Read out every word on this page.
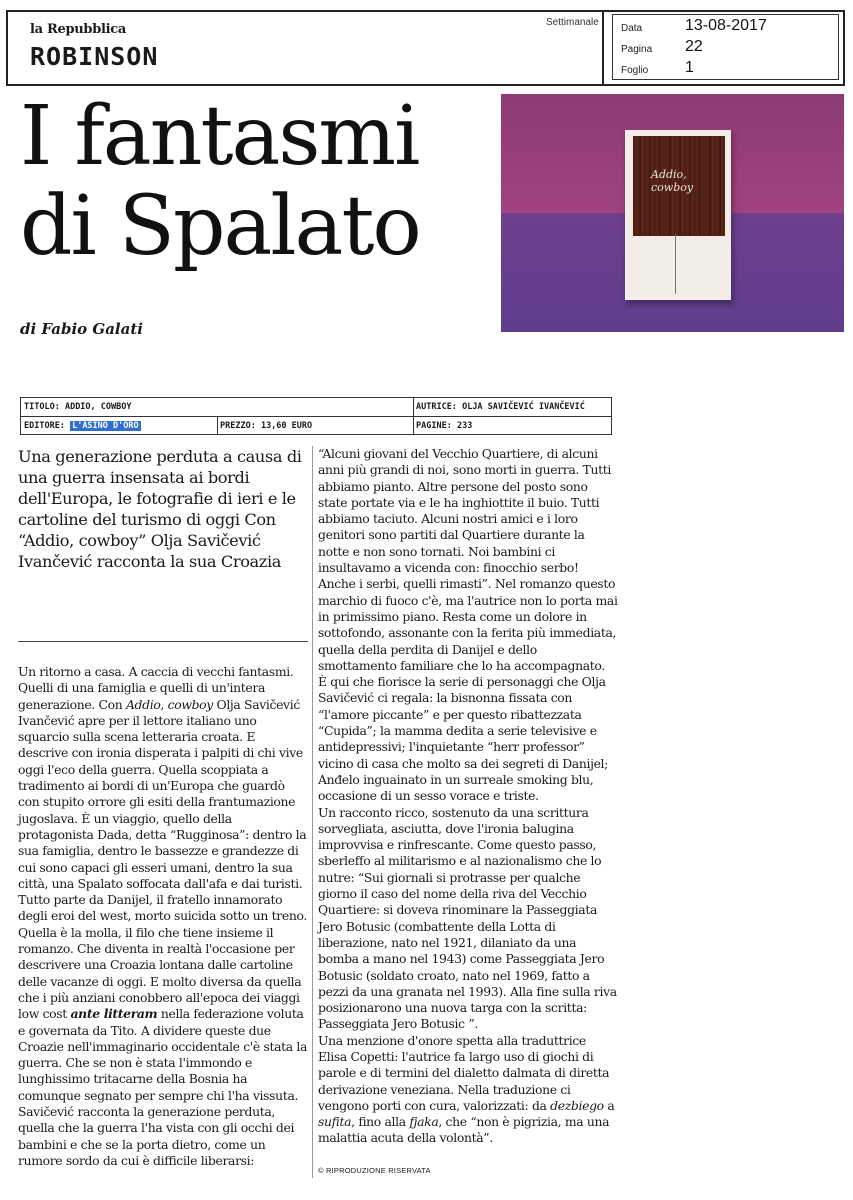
la Repubblica
ROBINSON
Settimanale
Data	13-08-2017
Pagina	22
Foglio	1
I fantasmi
di Spalato
di Fabio Galati
Addio, cowboy
TITOLO: ADDIO, COWBOY	AUTRICE: OLJA SAVIČEVIĆ IVANČEVIĆ
EDITORE: L'ASINO D'ORO	PREZZO: 13,60 EURO	PAGINE: 233
Una generazione perduta a causa di una guerra insensata ai bordi dell'Europa, le fotografie di ieri e le cartoline del turismo di oggi Con “Addio, cowboy” Olja Savičević Ivančević racconta la sua Croazia

Un ritorno a casa. A caccia di vecchi fantasmi. Quelli di una famiglia e quelli di un'intera generazione. Con Addio, cowboy Olja Savičević Ivančević apre per il lettore italiano uno squarcio sulla scena letteraria croata. E descrive con ironia disperata i palpiti di chi vive oggi l'eco della guerra. Quella scoppiata a tradimento ai bordi di un'Europa che guardò con stupito orrore gli esiti della frantumazione jugoslava. È un viaggio, quello della protagonista Dada, detta “Rugginosa”: dentro la sua famiglia, dentro le bassezze e grandezze di cui sono capaci gli esseri umani, dentro la sua città, una Spalato soffocata dall'afa e dai turisti.

Tutto parte da Danijel, il fratello innamorato degli eroi del west, morto suicida sotto un treno. Quella è la molla, il filo che tiene insieme il romanzo. Che diventa in realtà l'occasione per descrivere una Croazia lontana dalle cartoline delle vacanze di oggi. E molto diversa da quella che i più anziani conobbero all'epoca dei viaggi low cost ante litteram nella federazione voluta e governata da Tito. A dividere queste due Croazie nell'immaginario occidentale c'è stata la guerra. Che se non è stata l'immondo e lunghissimo tritacarne della Bosnia ha comunque segnato per sempre chi l'ha vissuta.

Savičević racconta la generazione perduta, quella che la guerra l'ha vista con gli occhi dei bambini e che se la porta dietro, come un rumore sordo da cui è difficile liberarsi:

“Alcuni giovani del Vecchio Quartiere, di alcuni anni più grandi di noi, sono morti in guerra. Tutti abbiamo pianto. Altre persone del posto sono state portate via e le ha inghiottite il buio. Tutti abbiamo taciuto. Alcuni nostri amici e i loro genitori sono partiti dal Quartiere durante la notte e non sono tornati. Noi bambini ci insultavamo a vicenda con: finocchio serbo! Anche i serbi, quelli rimasti”. Nel romanzo questo marchio di fuoco c'è, ma l'autrice non lo porta mai in primissimo piano. Resta come un dolore in sottofondo, assonante con la ferita più immediata, quella della perdita di Danijel e dello smottamento familiare che lo ha accompagnato.

È qui che fiorisce la serie di personaggi che Olja Savičević ci regala: la bisnonna fissata con “l'amore piccante” e per questo ribattezzata “Cupida”; la mamma dedita a serie televisive e antidepressivi; l'inquietante “herr professor” vicino di casa che molto sa dei segreti di Danijel; Anđelo inguainato in un surreale smoking blu, occasione di un sesso vorace e triste.

Un racconto ricco, sostenuto da una scrittura sorvegliata, asciutta, dove l'ironia balugina improvvisa e rinfrescante. Come questo passo, sberleffo al militarismo e al nazionalismo che lo nutre: “Sui giornali si protrasse per qualche giorno il caso del nome della riva del Vecchio Quartiere: si doveva rinominare la Passeggiata Jero Botusic (combattente della Lotta di liberazione, nato nel 1921, dilaniato da una bomba a mano nel 1943) come Passeggiata Jero Botusic (soldato croato, nato nel 1969, fatto a pezzi da una granata nel 1993). Alla fine sulla riva posizionarono una nuova targa con la scritta: Passeggiata Jero Botusic ”.

Una menzione d'onore spetta alla traduttrice Elisa Copetti: l'autrice fa largo uso di giochi di parole e di termini del dialetto dalmata di diretta derivazione veneziana. Nella traduzione ci vengono porti con cura, valorizzati: da dezbiego a sufita, fino alla fjaka, che “non è pigrizia, ma una malattia acuta della volontà”.

© RIPRODUZIONE RISERVATA
